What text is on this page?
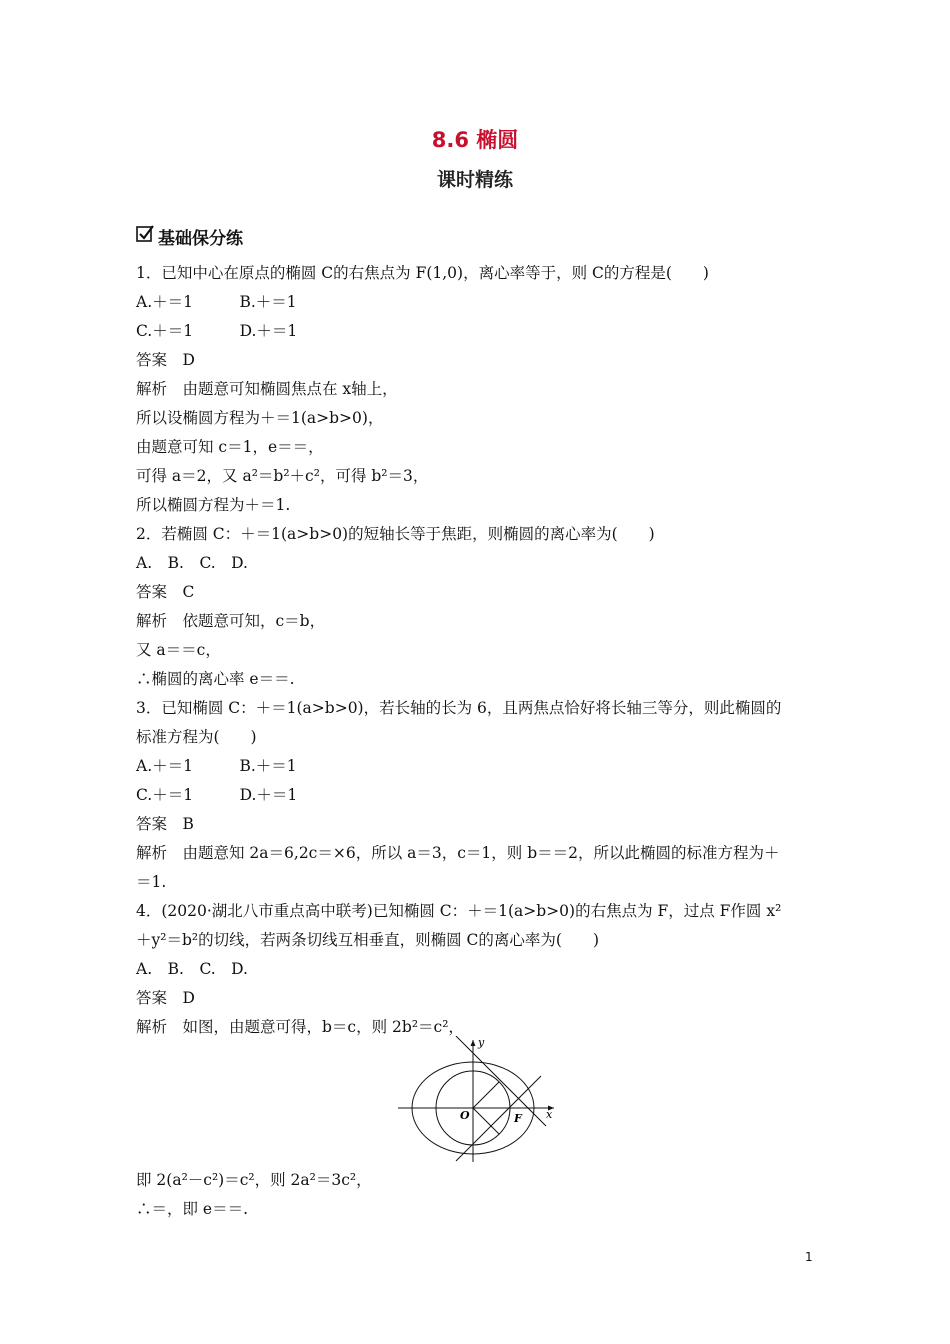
8.6 椭圆
课时精练
基础保分练
1．已知中心在原点的椭圆 C的右焦点为 F(1,0)，离心率等于，则 C的方程是(　　)
A.＋＝1　　　B.＋＝1
C.＋＝1　　　D.＋＝1
答案　D
解析　由题意可知椭圆焦点在 x轴上，
所以设椭圆方程为＋＝1(a>b>0)，
由题意可知 c＝1，e＝＝，
可得 a＝2，又 a²＝b²＋c²，可得 b²＝3，
所以椭圆方程为＋＝1.
2．若椭圆 C：＋＝1(a>b>0)的短轴长等于焦距，则椭圆的离心率为(　　)
A.　B.　C.　D.
答案　C
解析　依题意可知，c＝b，
又 a＝＝c，
∴椭圆的离心率 e＝＝.
3．已知椭圆 C：＋＝1(a>b>0)，若长轴的长为 6，且两焦点恰好将长轴三等分，则此椭圆的
标准方程为(　　)
A.＋＝1　　　B.＋＝1
C.＋＝1　　　D.＋＝1
答案　B
解析　由题意知 2a＝6,2c＝×6，所以 a＝3，c＝1，则 b＝＝2，所以此椭圆的标准方程为＋
＝1.
4．(2020·湖北八市重点高中联考)已知椭圆 C：＋＝1(a>b>0)的右焦点为 F，过点 F作圆 x²
＋y²＝b²的切线，若两条切线互相垂直，则椭圆 C的离心率为(　　)
A.　B.　C.　D.
答案　D
解析　如图，由题意可得，b＝c，则 2b²＝c²，
即 2(a²－c²)＝c²，则 2a²＝3c²，
∴＝，即 e＝＝.
y
x
O	F
1
